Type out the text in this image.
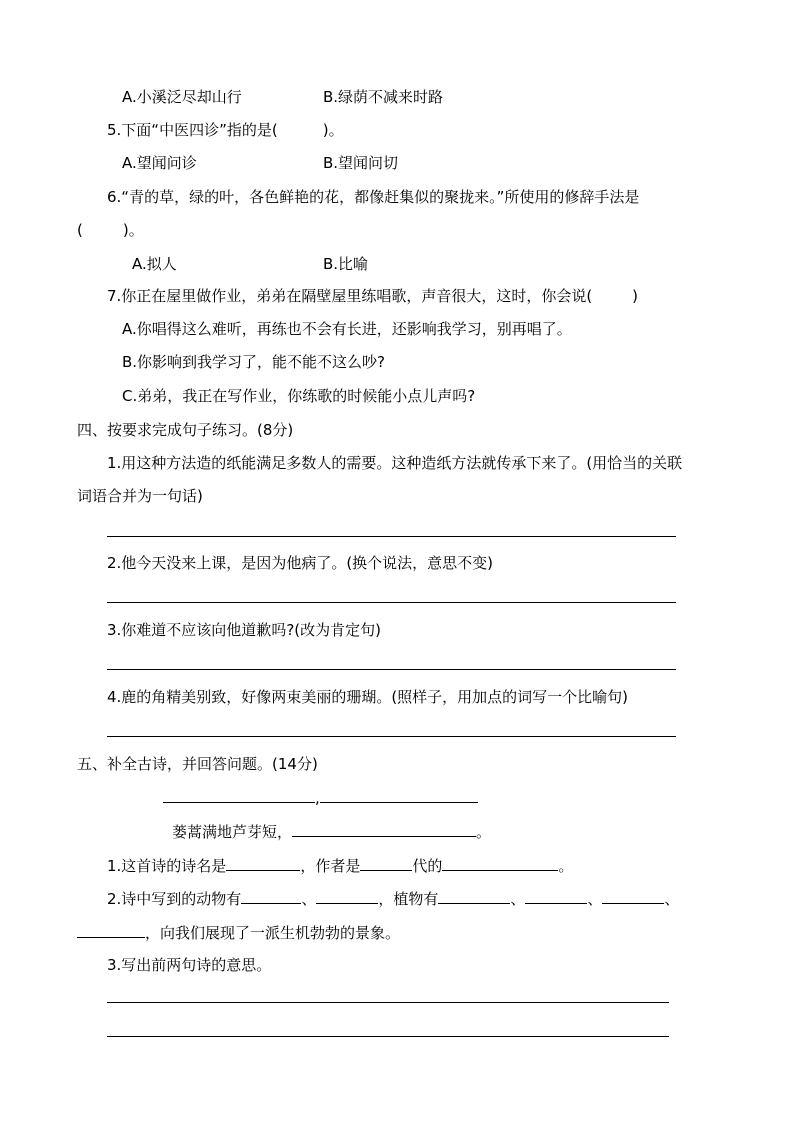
A.小溪泛尽却山行	B.绿荫不减来时路
5.下面“中医四诊”指的是(	)。
A.望闻问诊	B.望闻问切
6.“青的草，绿的叶，各色鲜艳的花，都像赶集似的聚拢来。”所使用的修辞手法是
(	)。
A.拟人	B.比喻
7.你正在屋里做作业，弟弟在隔壁屋里练唱歌，声音很大，这时，你会说(	)
A.你唱得这么难听，再练也不会有长进，还影响我学习，别再唱了。
B.你影响到我学习了，能不能不这么吵?
C.弟弟，我正在写作业，你练歌的时候能小点儿声吗?
四、按要求完成句子练习。(8分)
1.用这种方法造的纸能满足多数人的需要。这种造纸方法就传承下来了。(用恰当的关联
词语合并为一句话)
2.他今天没来上课，是因为他病了。(换个说法，意思不变)
3.你难道不应该向他道歉吗?(改为肯定句)
4.鹿的角精美别致，好像两束美丽的珊瑚。(照样子，用加点的词写一个比喻句)
五、补全古诗，并回答问题。(14分)
,
蒌蒿满地芦芽短，	。
1.这首诗的诗名是	，作者是	代的	。
2.诗中写到的动物有	、	，植物有	、	、	、
，向我们展现了一派生机勃勃的景象。
3.写出前两句诗的意思。
